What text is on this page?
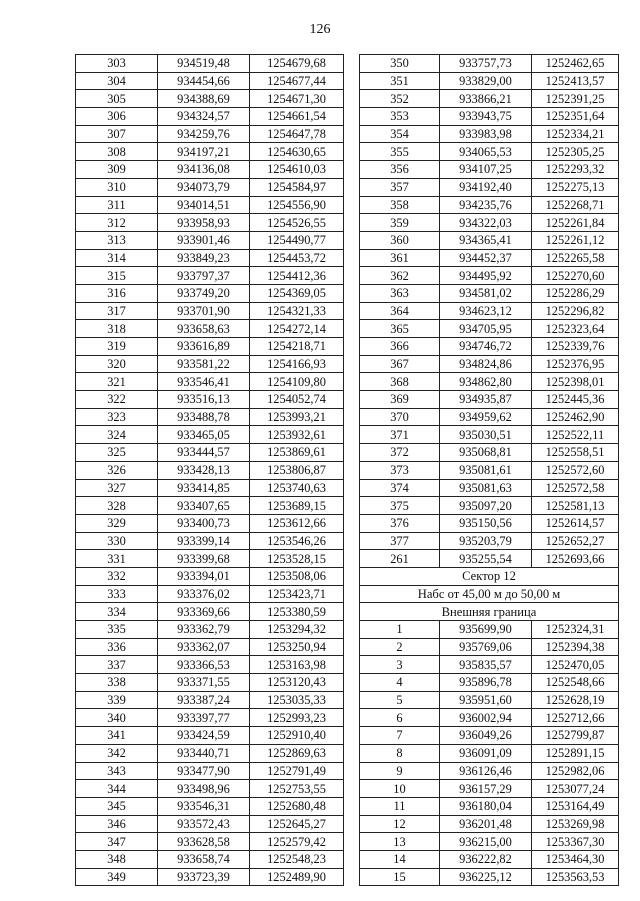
126
303	934519,48	1254679,68
304	934454,66	1254677,44
305	934388,69	1254671,30
306	934324,57	1254661,54
307	934259,76	1254647,78
308	934197,21	1254630,65
309	934136,08	1254610,03
310	934073,79	1254584,97
311	934014,51	1254556,90
312	933958,93	1254526,55
313	933901,46	1254490,77
314	933849,23	1254453,72
315	933797,37	1254412,36
316	933749,20	1254369,05
317	933701,90	1254321,33
318	933658,63	1254272,14
319	933616,89	1254218,71
320	933581,22	1254166,93
321	933546,41	1254109,80
322	933516,13	1254052,74
323	933488,78	1253993,21
324	933465,05	1253932,61
325	933444,57	1253869,61
326	933428,13	1253806,87
327	933414,85	1253740,63
328	933407,65	1253689,15
329	933400,73	1253612,66
330	933399,14	1253546,26
331	933399,68	1253528,15
332	933394,01	1253508,06
333	933376,02	1253423,71
334	933369,66	1253380,59
335	933362,79	1253294,32
336	933362,07	1253250,94
337	933366,53	1253163,98
338	933371,55	1253120,43
339	933387,24	1253035,33
340	933397,77	1252993,23
341	933424,59	1252910,40
342	933440,71	1252869,63
343	933477,90	1252791,49
344	933498,96	1252753,55
345	933546,31	1252680,48
346	933572,43	1252645,27
347	933628,58	1252579,42
348	933658,74	1252548,23
349	933723,39	1252489,90
350	933757,73	1252462,65
351	933829,00	1252413,57
352	933866,21	1252391,25
353	933943,75	1252351,64
354	933983,98	1252334,21
355	934065,53	1252305,25
356	934107,25	1252293,32
357	934192,40	1252275,13
358	934235,76	1252268,71
359	934322,03	1252261,84
360	934365,41	1252261,12
361	934452,37	1252265,58
362	934495,92	1252270,60
363	934581,02	1252286,29
364	934623,12	1252296,82
365	934705,95	1252323,64
366	934746,72	1252339,76
367	934824,86	1252376,95
368	934862,80	1252398,01
369	934935,87	1252445,36
370	934959,62	1252462,90
371	935030,51	1252522,11
372	935068,81	1252558,51
373	935081,61	1252572,60
374	935081,63	1252572,58
375	935097,20	1252581,13
376	935150,56	1252614,57
377	935203,79	1252652,27
261	935255,54	1252693,66
Сектор 12		
Набс от 45,00 м до 50,00 м		
Внешняя граница		
1	935699,90	1252324,31
2	935769,06	1252394,38
3	935835,57	1252470,05
4	935896,78	1252548,66
5	935951,60	1252628,19
6	936002,94	1252712,66
7	936049,26	1252799,87
8	936091,09	1252891,15
9	936126,46	1252982,06
10	936157,29	1253077,24
11	936180,04	1253164,49
12	936201,48	1253269,98
13	936215,00	1253367,30
14	936222,82	1253464,30
15	936225,12	1253563,53
